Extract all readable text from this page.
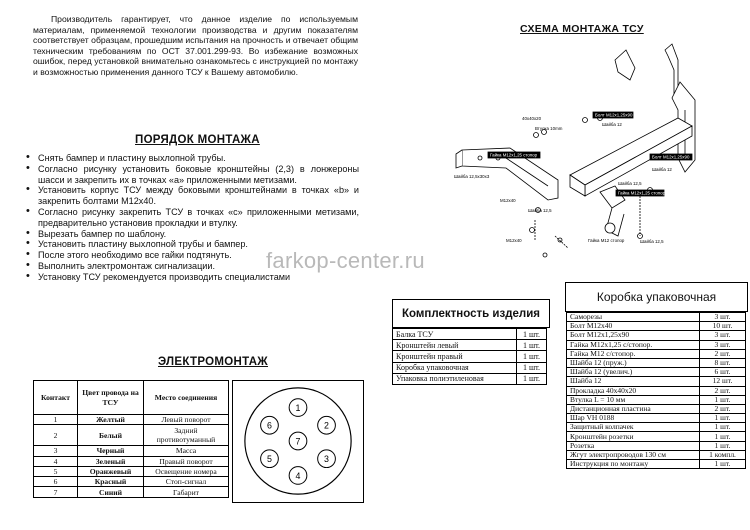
Производитель гарантирует, что данное изделие по используемым материалам, применяемой технологии производства и другим показателям соответствует образцам, прошедшим испытания на прочность и отвечает общим техническим требованиям по ОСТ 37.001.299-93. Во избежание возможных ошибок, перед установкой внимательно ознакомьтесь с инструкцией по монтажу и возможностью применения данного ТСУ к Вашему автомобилю.
ПОРЯДОК МОНТАЖА
• Снять бампер и пластину выхлопной трубы.
• Согласно рисунку установить боковые кронштейны (2,3) в лонжероны шасси и закрепить их в точках «а» приложенными метизами.
• Установить корпус ТСУ между боковыми кронштейнами в точках «b» и закрепить болтами М12х40.
• Согласно рисунку закрепить ТСУ в точках «с» приложенными метизами, предварительно установив прокладки и втулку.
• Вырезать бампер по шаблону.
• Установить пластину выхлопной трубы и бампер.
• После этого необходимо все гайки подтянуть.
• Выполнить электромонтаж сигнализации.
• Установку ТСУ рекомендуется производить специалистами
СХЕМА МОНТАЖА ТСУ
Болт М12х1,25х90
Шайба 12
Втулка 10mm
40х40х20
Гайка М12х1,25 стопор	Болт М12х1,25х90
Гайка М12х1,25 стопор
Шайба 12
Шайба 12,5
Шайба 12,5
М12х40
Гайка М12 стопор
Шайба 12,5
М12х40
Шайба 12,5х30х3
farkop-center.ru
ЭЛЕКТРОМОНТАЖ
Контакт	Цвет провода на ТСУ	Место соединения
1	Желтый	Левый поворот
2	Белый	Задний противотуманный
3	Черный	Масса
4	Зеленый	Правый поворот
5	Оранжевый	Освещение номера
6	Красный	Стоп-сигнал
7	Синий	Габарит
1
2
3
4
5
6
7
Комплектность изделия
Балка ТСУ	1 шт.
Кронштейн левый	1 шт.
Кронштейн правый	1 шт.
Коробка упаковочная	1 шт.
Упаковка полиэтиленовая	1 шт.
Коробка упаковочная
Саморезы	3 шт.
Болт М12х40	10 шт.
Болт М12х1,25х90	3 шт.
Гайка М12х1,25 с/стопор.	3 шт.
Гайка М12 с/стопор.	2 шт.
Шайба 12 (пруж.)	8 шт.
Шайба 12 (увелич.)	6 шт.
Шайба 12	12 шт.
Прокладка 40х40х20	2 шт.
Втулка L = 10 мм	1 шт.
Дистанционная пластина	2 шт.
Шар VH 0188	1 шт.
Защитный колпачек	1 шт.
Кронштейн розетки	1 шт.
Розетка	1 шт.
Жгут электропроводов 130 см	1 компл.
Инструкция по монтажу	1 шт.
